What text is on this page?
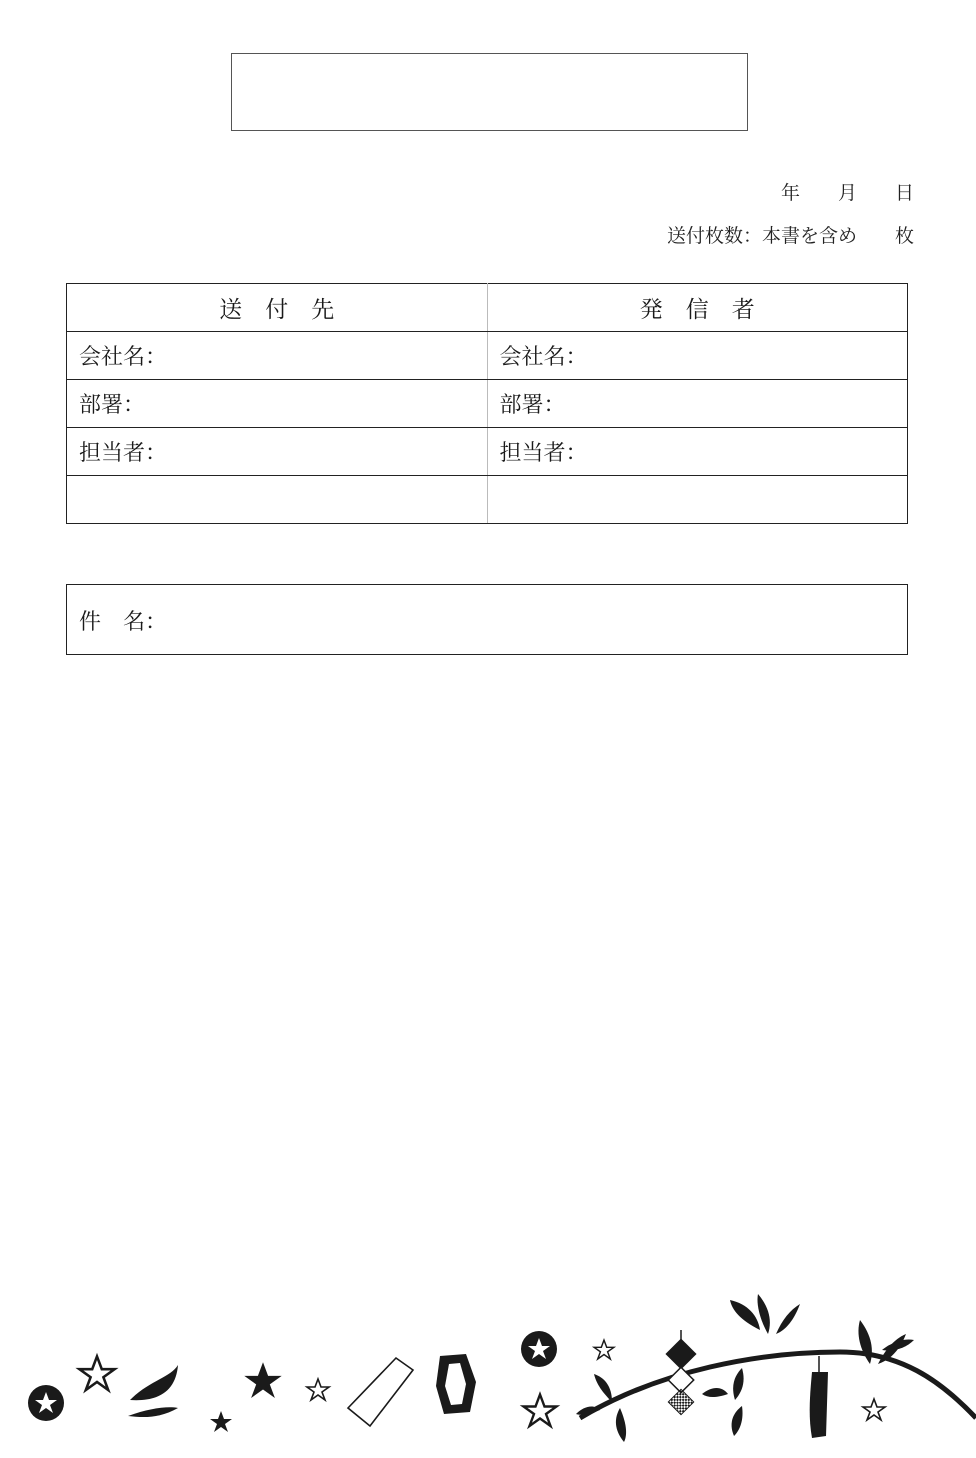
年　　月　　日
送付枚数：本書を含め　　枚
送　付　先	発　信　者
会社名：	会社名：
部署：	部署：
担当者：	担当者：

件　名：
